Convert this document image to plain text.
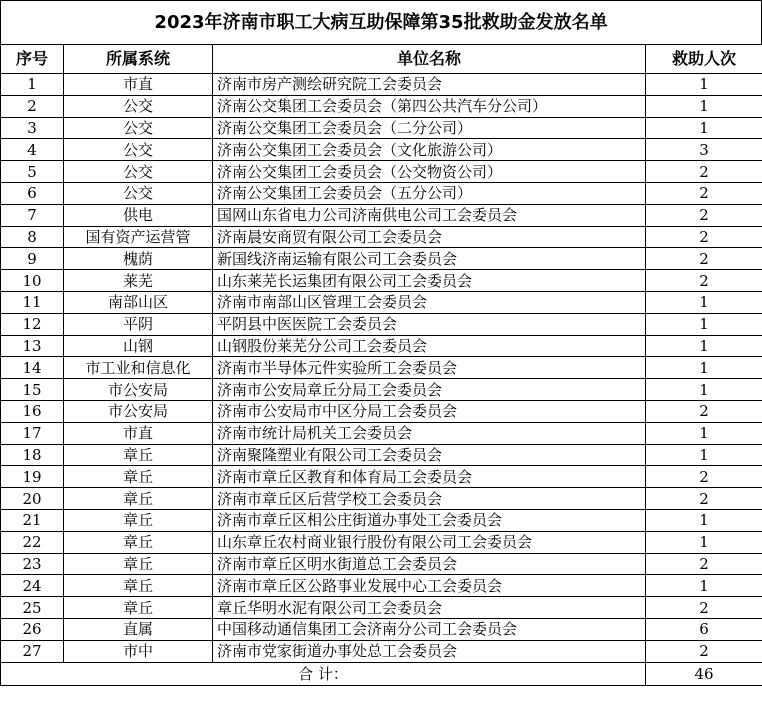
2023年济南市职工大病互助保障第35批救助金发放名单
序号	所属系统	单位名称	救助人次
1	市直	济南市房产测绘研究院工会委员会	1
2	公交	济南公交集团工会委员会（第四公共汽车分公司）	1
3	公交	济南公交集团工会委员会（二分公司）	1
4	公交	济南公交集团工会委员会（文化旅游公司）	3
5	公交	济南公交集团工会委员会（公交物资公司）	2
6	公交	济南公交集团工会委员会（五分公司）	2
7	供电	国网山东省电力公司济南供电公司工会委员会	2
8	国有资产运营管	济南晨安商贸有限公司工会委员会	2
9	槐荫	新国线济南运输有限公司工会委员会	2
10	莱芜	山东莱芜长运集团有限公司工会委员会	2
11	南部山区	济南市南部山区管理工会委员会	1
12	平阴	平阴县中医医院工会委员会	1
13	山钢	山钢股份莱芜分公司工会委员会	1
14	市工业和信息化	济南市半导体元件实验所工会委员会	1
15	市公安局	济南市公安局章丘分局工会委员会	1
16	市公安局	济南市公安局市中区分局工会委员会	2
17	市直	济南市统计局机关工会委员会	1
18	章丘	济南聚隆塑业有限公司工会委员会	1
19	章丘	济南市章丘区教育和体育局工会委员会	2
20	章丘	济南市章丘区后营学校工会委员会	2
21	章丘	济南市章丘区相公庄街道办事处工会委员会	1
22	章丘	山东章丘农村商业银行股份有限公司工会委员会	1
23	章丘	济南市章丘区明水街道总工会委员会	2
24	章丘	济南市章丘区公路事业发展中心工会委员会	1
25	章丘	章丘华明水泥有限公司工会委员会	2
26	直属	中国移动通信集团工会济南分公司工会委员会	6
27	市中	济南市党家街道办事处总工会委员会	2
合 计：			46
